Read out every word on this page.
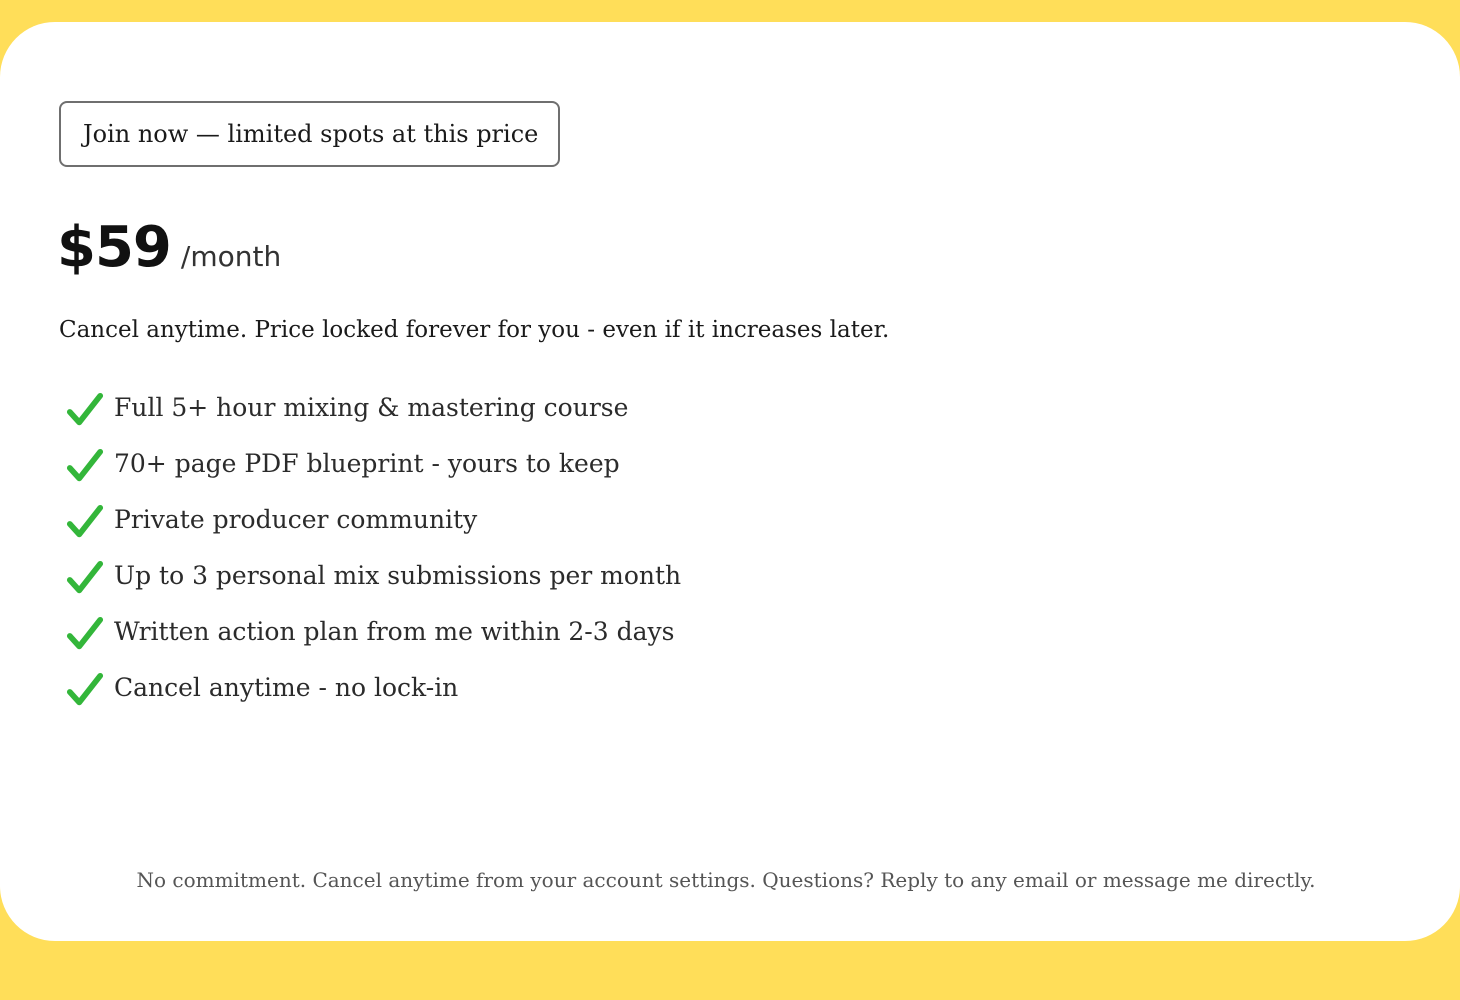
Join now — limited spots at this price
$59 /month
Cancel anytime. Price locked forever for you - even if it increases later.
Full 5+ hour mixing & mastering course
70+ page PDF blueprint - yours to keep
Private producer community
Up to 3 personal mix submissions per month
Written action plan from me within 2-3 days
Cancel anytime - no lock-in
No commitment. Cancel anytime from your account settings. Questions? Reply to any email or message me directly.
